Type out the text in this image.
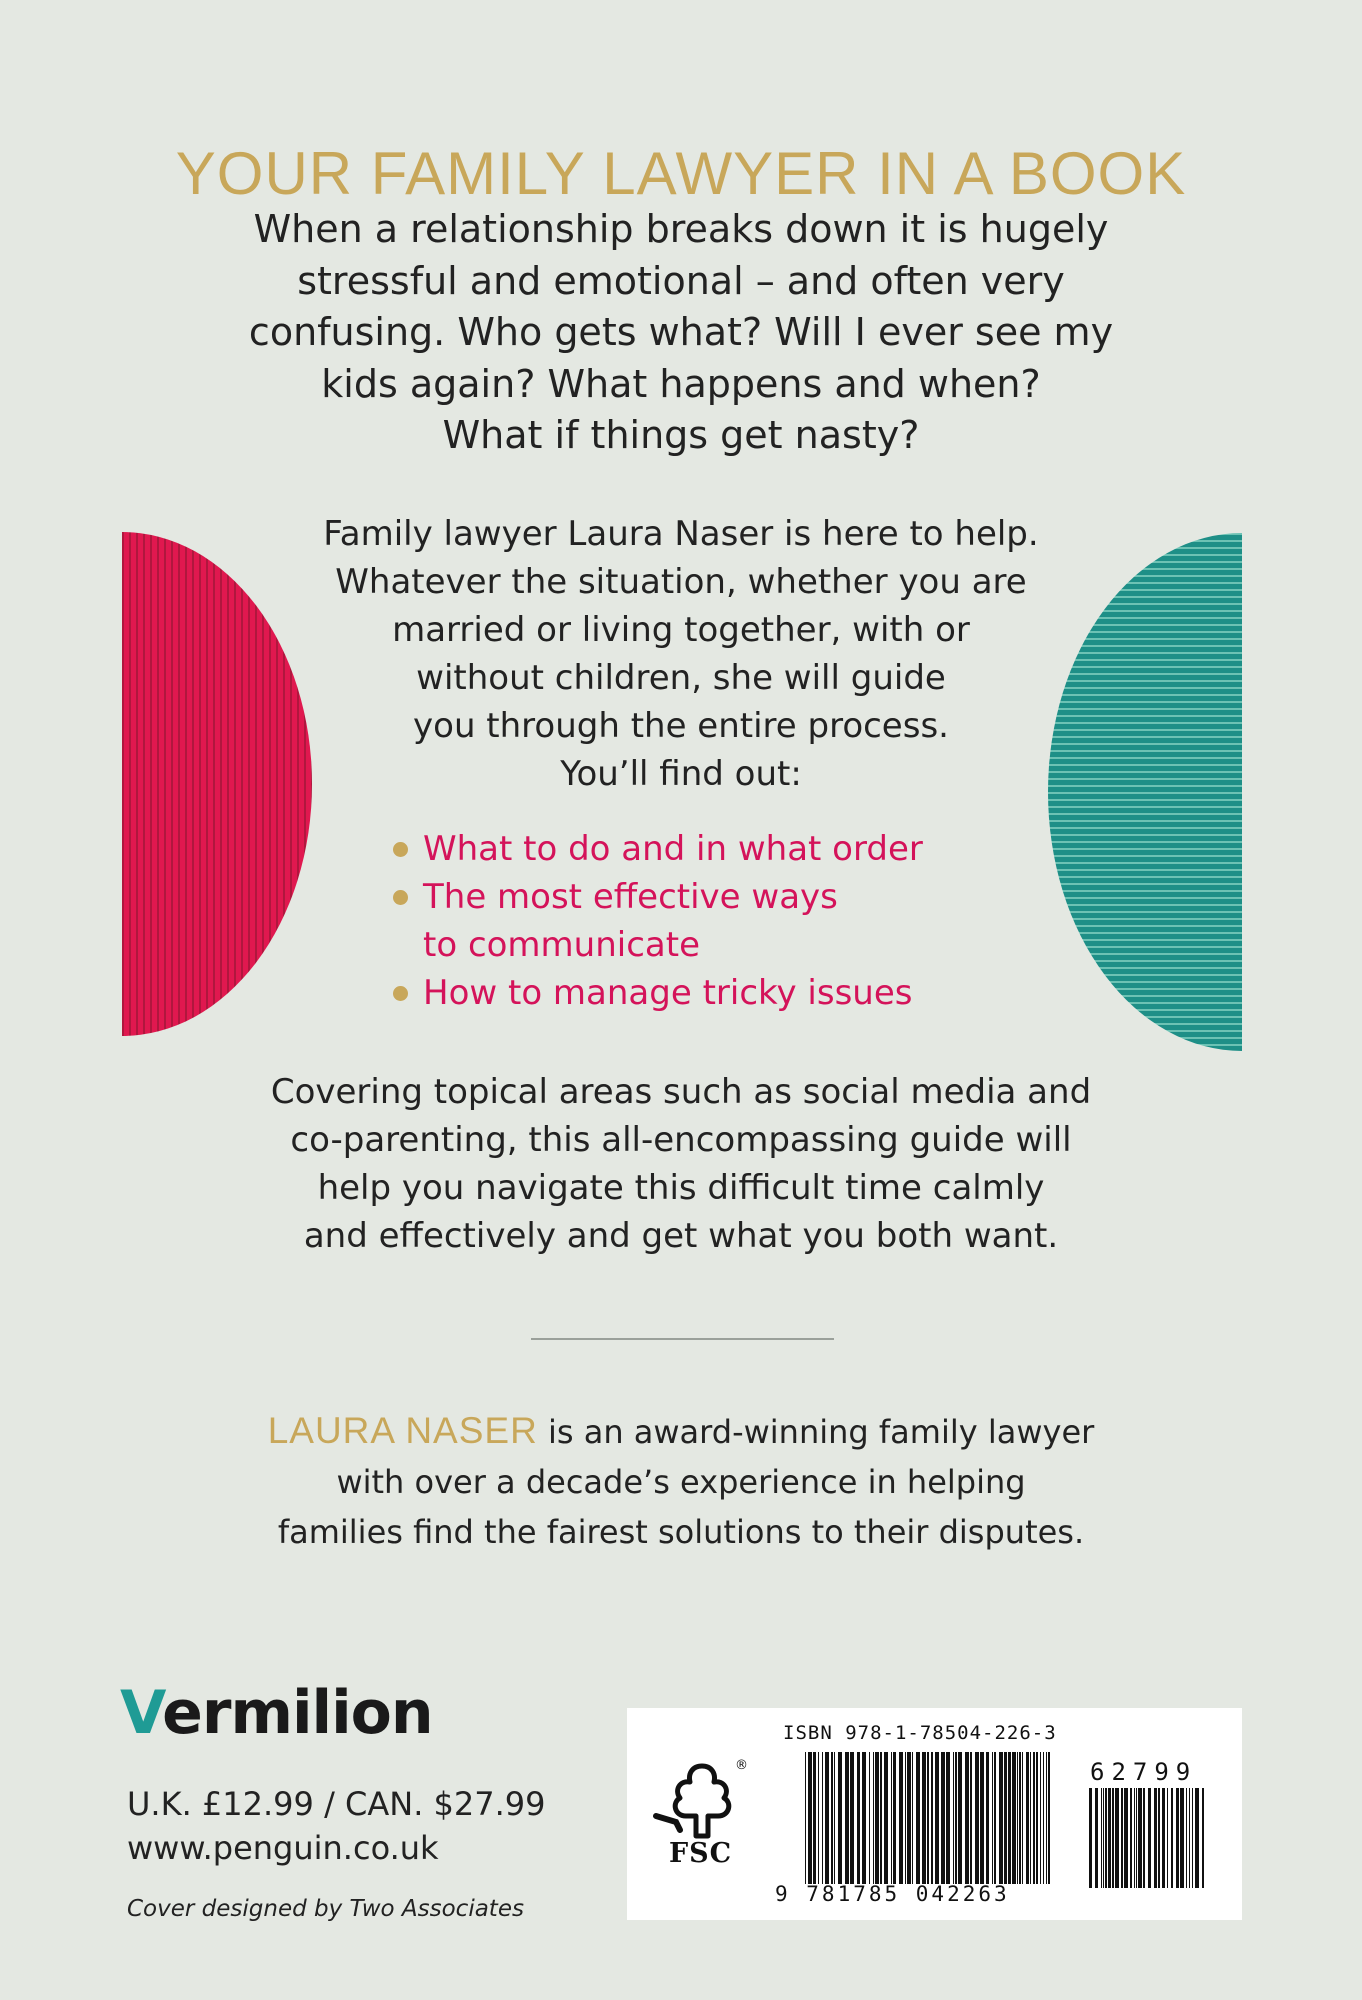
YOUR FAMILY LAWYER IN A BOOK
When a relationship breaks down it is hugely
stressful and emotional – and often very
confusing. Who gets what? Will I ever see my
kids again? What happens and when?
What if things get nasty?
Family lawyer Laura Naser is here to help.
Whatever the situation, whether you are
married or living together, with or
without children, she will guide
you through the entire process.
You’ll find out:
What to do and in what order
The most effective ways
to communicate
How to manage tricky issues
Covering topical areas such as social media and
co-parenting, this all-encompassing guide will
help you navigate this difficult time calmly
and effectively and get what you both want.
LAURA NASER is an award-winning family lawyer
with over a decade’s experience in helping
families find the fairest solutions to their disputes.
Vermilion
U.K. £12.99 / CAN. $27.99
www.penguin.co.uk
Cover designed by Two Associates
ISBN 978-1-78504-226-3
®
FSC
9 781785 042263
62799
